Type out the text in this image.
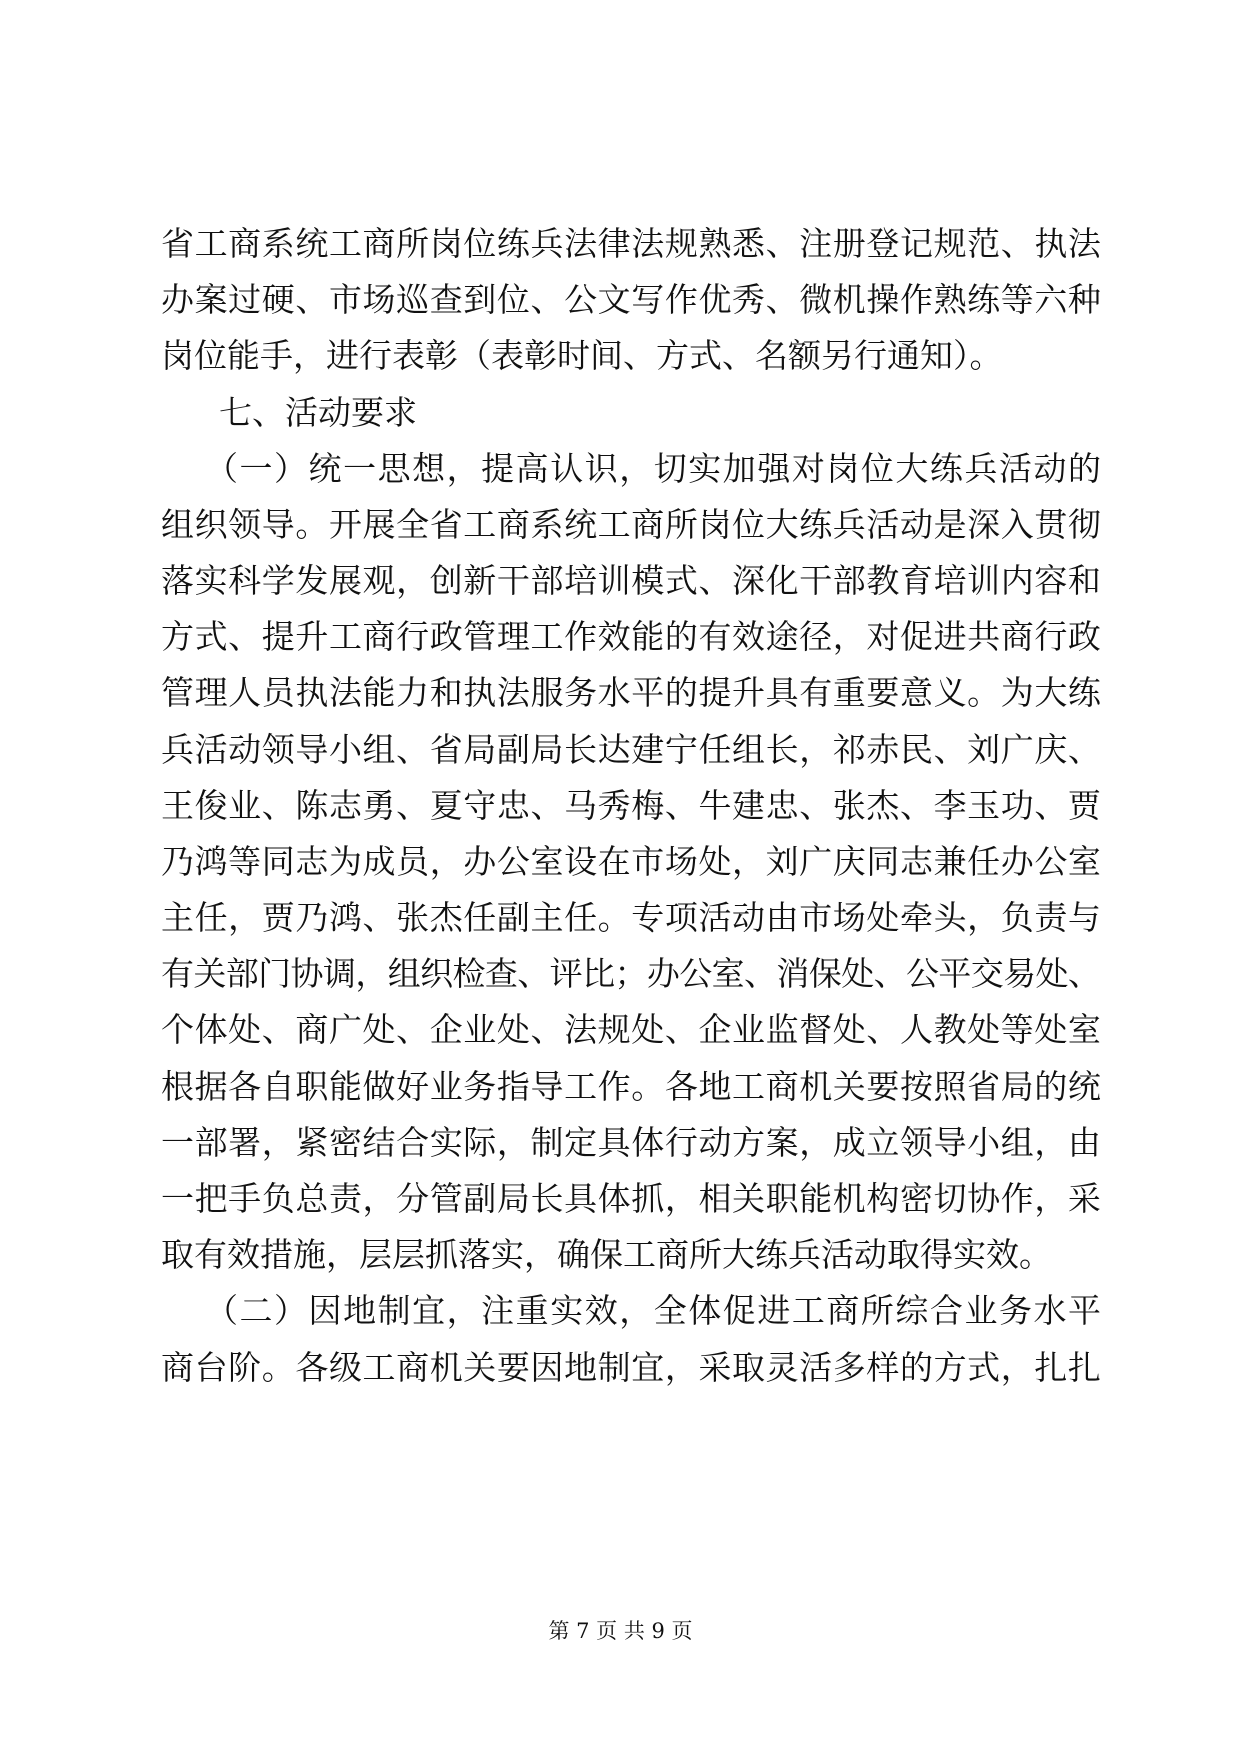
省工商系统工商所岗位练兵法律法规熟悉、注册登记规范、执法
办案过硬、市场巡查到位、公文写作优秀、微机操作熟练等六种
岗位能手，进行表彰（表彰时间、方式、名额另行通知）。
七、活动要求
（一）统一思想，提高认识，切实加强对岗位大练兵活动的
组织领导。开展全省工商系统工商所岗位大练兵活动是深入贯彻
落实科学发展观，创新干部培训模式、深化干部教育培训内容和
方式、提升工商行政管理工作效能的有效途径，对促进共商行政
管理人员执法能力和执法服务水平的提升具有重要意义。为大练
兵活动领导小组、省局副局长达建宁任组长，祁赤民、刘广庆、
王俊业、陈志勇、夏守忠、马秀梅、牛建忠、张杰、李玉功、贾
乃鸿等同志为成员，办公室设在市场处，刘广庆同志兼任办公室
主任，贾乃鸿、张杰任副主任。专项活动由市场处牵头，负责与
有关部门协调，组织检查、评比；办公室、消保处、公平交易处、
个体处、商广处、企业处、法规处、企业监督处、人教处等处室
根据各自职能做好业务指导工作。各地工商机关要按照省局的统
一部署，紧密结合实际，制定具体行动方案，成立领导小组，由
一把手负总责，分管副局长具体抓，相关职能机构密切协作，采
取有效措施，层层抓落实，确保工商所大练兵活动取得实效。
（二）因地制宜，注重实效，全体促进工商所综合业务水平
商台阶。各级工商机关要因地制宜，采取灵活多样的方式，扎扎
第 7 页 共 9 页
